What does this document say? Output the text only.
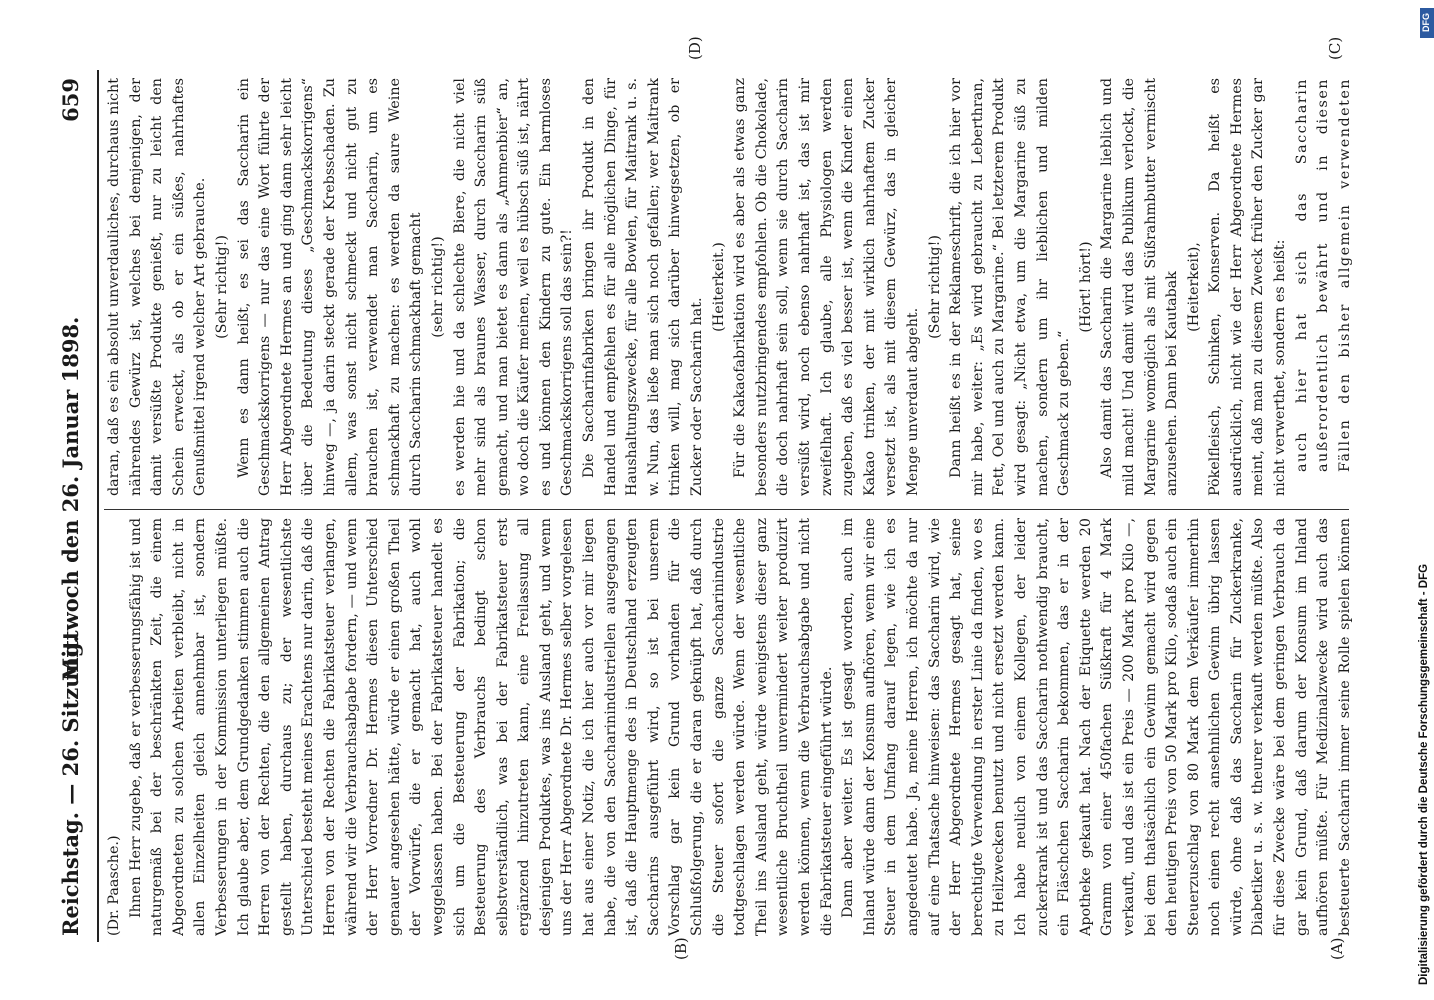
Reichstag. — 26. Sitzung.
Mittwoch den 26. Januar 1898.
659
(A)
(B)
(C)
(D)

(Dr. Paasche.) Ihnen Herr zugebe, daß er verbesserungsfähig ist und naturgemäß bei der beschränkten Zeit, die einem Abgeordneten zu solchen Arbeiten verbleibt, nicht in allen Einzelheiten gleich annehmbar ist, sondern Verbesserungen in der Kommission unterliegen müßte. Ich glaube aber, dem Grundgedanken stimmen auch die Herren von der Rechten, die den allgemeinen Antrag gestellt haben, durchaus zu; der wesentlichste Unterschied besteht meines Erachtens nur darin, daß die Herren von der Rechten die Fabrikatsteuer verlangen, während wir die Verbrauchsabgabe fordern, — und wenn der Herr Vorredner Dr. Hermes diesen Unterschied genauer angesehen hätte, würde er einen großen Theil der Vorwürfe, die er gemacht hat, auch wohl weggelassen haben. Bei der Fabrikatsteuer handelt es sich um die Besteuerung der Fabrikation; die Besteuerung des Verbrauchs bedingt schon selbstverständlich, was bei der Fabrikatsteuer erst ergänzend hinzutreten kann, eine Freilassung all desjenigen Produktes, was ins Ausland geht, und wenn uns der Herr Abgeordnete Dr. Hermes selber vorgelesen hat aus einer Notiz, die ich hier auch vor mir liegen habe, die von den Saccharinindustriellen ausgegangen ist, daß die Hauptmenge des in Deutschland erzeugten Saccharins ausgeführt wird, so ist bei unserem Vorschlag gar kein Grund vorhanden für die Schlußfolgerung, die er daran geknüpft hat, daß durch die Steuer sofort die ganze Saccharinindustrie todtgeschlagen werden würde. Wenn der wesentliche Theil ins Ausland geht, würde wenigstens dieser ganz wesentliche Bruchtheil unvermindert weiter produzirt werden können, wenn die Verbrauchsabgabe und nicht die Fabrikatsteuer eingeführt würde. Dann aber weiter. Es ist gesagt worden, auch im Inland würde dann der Konsum aufhören, wenn wir eine Steuer in dem Umfang darauf legen, wie ich es angedeutet habe. Ja, meine Herren, ich möchte da nur auf eine Thatsache hinweisen: das Saccharin wird, wie der Herr Abgeordnete Hermes gesagt hat, seine berechtigte Verwendung in erster Linie da finden, wo es zu Heilzwecken benutzt und nicht ersetzt werden kann. Ich habe neulich von einem Kollegen, der leider zuckerkrank ist und das Saccharin nothwendig braucht, ein Fläschchen Saccharin bekommen, das er in der Apotheke gekauft hat. Nach der Etiquette werden 20 Gramm von einer 450fachen Süßkraft für 4 Mark verkauft, und das ist ein Preis — 200 Mark pro Kilo —, bei dem thatsächlich ein Gewinn gemacht wird gegen den heutigen Preis von 50 Mark pro Kilo, sodaß auch ein Steuerzuschlag von 80 Mark dem Verkäufer immerhin noch einen recht ansehnlichen Gewinn übrig lassen würde, ohne daß das Saccharin für Zuckerkranke, Diabetiker u. s. w. theurer verkauft werden müßte. Also für diese Zwecke wäre bei dem geringen Verbrauch da gar kein Grund, daß darum der Konsum im Inland aufhören müßte. Für Medizinalzwecke wird auch das besteuerte Saccharin immer seine Rolle spielen können

daran, daß es ein absolut unverdauliches, durchaus nicht nährendes Gewürz ist, welches bei demjenigen, der damit versüßte Produkte genießt, nur zu leicht den Schein erweckt, als ob er ein süßes, nahrhaftes Genußmittel irgend welcher Art gebrauche. (Sehr richtig!) Wenn es dann heißt, es sei das Saccharin ein Geschmackskorrigens — nur das eine Wort führte der Herr Abgeordnete Hermes an und ging dann sehr leicht über die Bedeutung dieses „Geschmackskorrigens“ hinweg —, ja darin steckt gerade der Krebsschaden. Zu allem, was sonst nicht schmeckt und nicht gut zu brauchen ist, verwendet man Saccharin, um es schmackhaft zu machen: es werden da saure Weine durch Saccharin schmackhaft gemacht (sehr richtig!) es werden hie und da schlechte Biere, die nicht viel mehr sind als braunes Wasser, durch Saccharin süß gemacht, und man bietet es dann als „Ammenbier“ an, wo doch die Käufer meinen, weil es hübsch süß ist, nährt es und können den Kindern zu gute. Ein harmloses Geschmackskorrigens soll das sein?! Die Saccharinfabriken bringen ihr Produkt in den Handel und empfehlen es für alle möglichen Dinge, für Haushaltungszwecke, für alle Bowlen, für Maitrank u. s. w. Nun, das ließe man sich noch gefallen; wer Maitrank trinken will, mag sich darüber hinwegsetzen, ob er Zucker oder Saccharin hat.

(Heiterkeit.) Für die Kakaofabrikation wird es aber als etwas ganz besonders nutzbringendes empfohlen. Ob die Chokolade, die doch nahrhaft sein soll, wenn sie durch Saccharin versüßt wird, noch ebenso nahrhaft ist, das ist mir zweifelhaft. Ich glaube, alle Physiologen werden zugeben, daß es viel besser ist, wenn die Kinder einen Kakao trinken, der mit wirklich nahrhaftem Zucker versetzt ist, als mit diesem Gewürz, das in gleicher Menge unverdaut abgeht.

(Sehr richtig!) Dann heißt es in der Reklameschrift, die ich hier vor mir habe, weiter: „Es wird gebraucht zu Leberthran, Fett, Oel und auch zu Margarine.“ Bei letzterem Produkt wird gesagt: „Nicht etwa, um die Margarine süß zu machen, sondern um ihr lieblichen und milden Geschmack zu geben.“

(Hört! hört!) Also damit das Saccharin die Margarine lieblich und mild macht! Und damit wird das Publikum verlockt, die Margarine womöglich als mit Süßrahmbutter vermischt anzusehen. Dann bei Kautabak (Heiterkeit), Pökelfleisch, Schinken, Konserven. Da heißt es ausdrücklich, nicht wie der Herr Abgeordnete Hermes meint, daß man zu diesem Zweck früher den Zucker gar nicht verwerthet, sondern es heißt: auch hier hat sich das Saccharin außerordentlich bewährt und in diesen Fällen den bisher allgemein verwendeten

Digitalisierung gefördert durch die Deutsche Forschungsgemeinschaft - DFG
DFG
